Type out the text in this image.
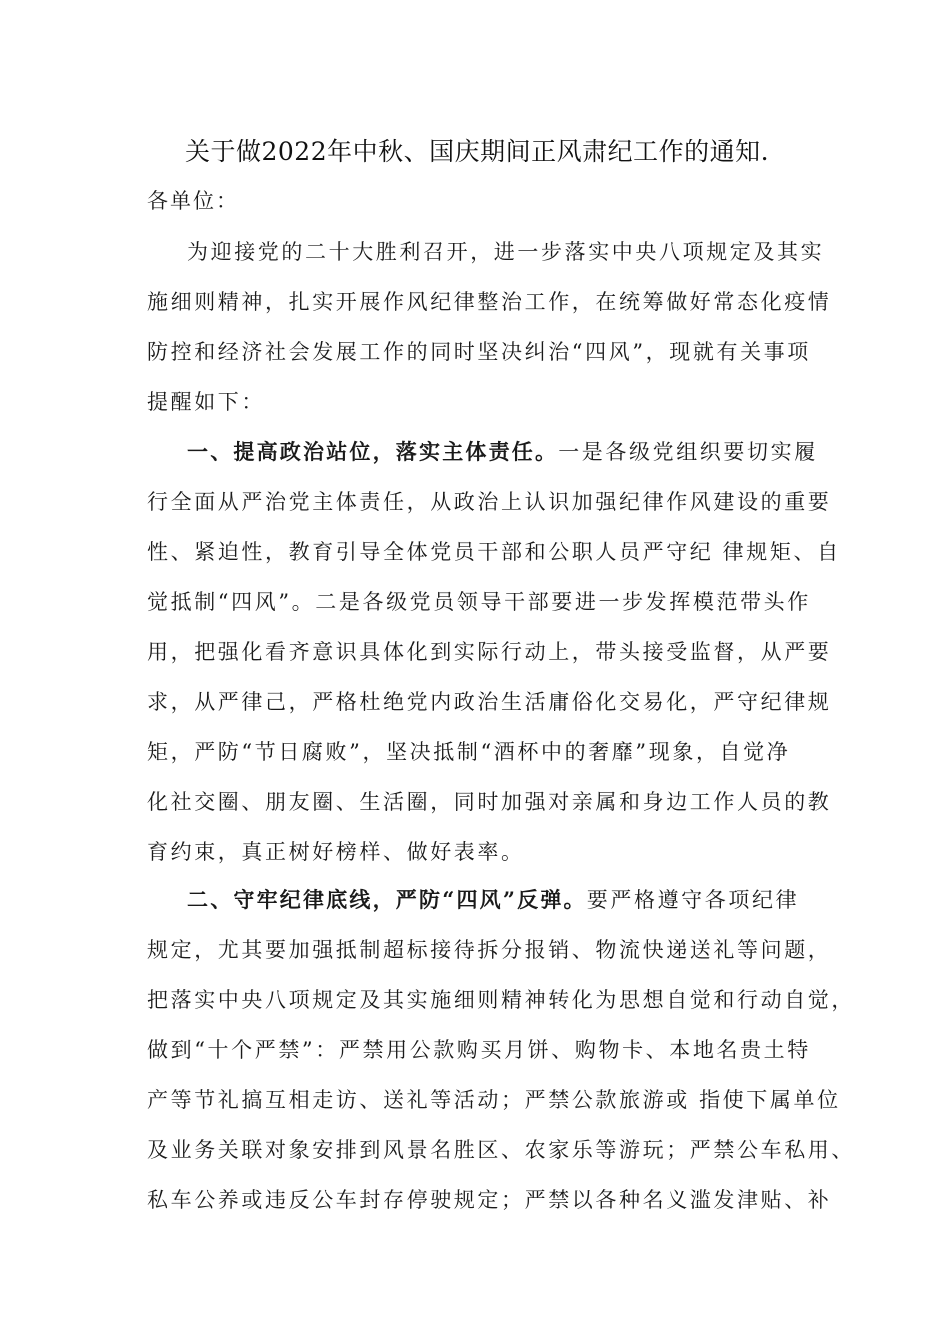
关于做2022年中秋、国庆期间正风肃纪工作的通知.
各单位：
为迎接党的二十大胜利召开，进一步落实中央八项规定及其实
施细则精神，扎实开展作风纪律整治工作，在统筹做好常态化疫情
防控和经济社会发展工作的同时坚决纠治“四风”，现就有关事项
提醒如下：
一、提高政治站位，落实主体责任。一是各级党组织要切实履
行全面从严治党主体责任，从政治上认识加强纪律作风建设的重要
性、紧迫性，教育引导全体党员干部和公职人员严守纪 律规矩、自
觉抵制“四风”。二是各级党员领导干部要进一步发挥模范带头作
用，把强化看齐意识具体化到实际行动上，带头接受监督，从严要
求，从严律己，严格杜绝党内政治生活庸俗化交易化，严守纪律规
矩，严防“节日腐败”，坚决抵制“酒杯中的奢靡”现象，自觉净
化社交圈、朋友圈、生活圈，同时加强对亲属和身边工作人员的教
育约束，真正树好榜样、做好表率。
二、守牢纪律底线，严防“四风”反弹。要严格遵守各项纪律
规定，尤其要加强抵制超标接待拆分报销、物流快递送礼等问题，
把落实中央八项规定及其实施细则精神转化为思想自觉和行动自觉，
做到“十个严禁”：严禁用公款购买月饼、购物卡、本地名贵土特
产等节礼搞互相走访、送礼等活动；严禁公款旅游或 指使下属单位
及业务关联对象安排到风景名胜区、农家乐等游玩；严禁公车私用、
私车公养或违反公车封存停驶规定；严禁以各种名义滥发津贴、补
